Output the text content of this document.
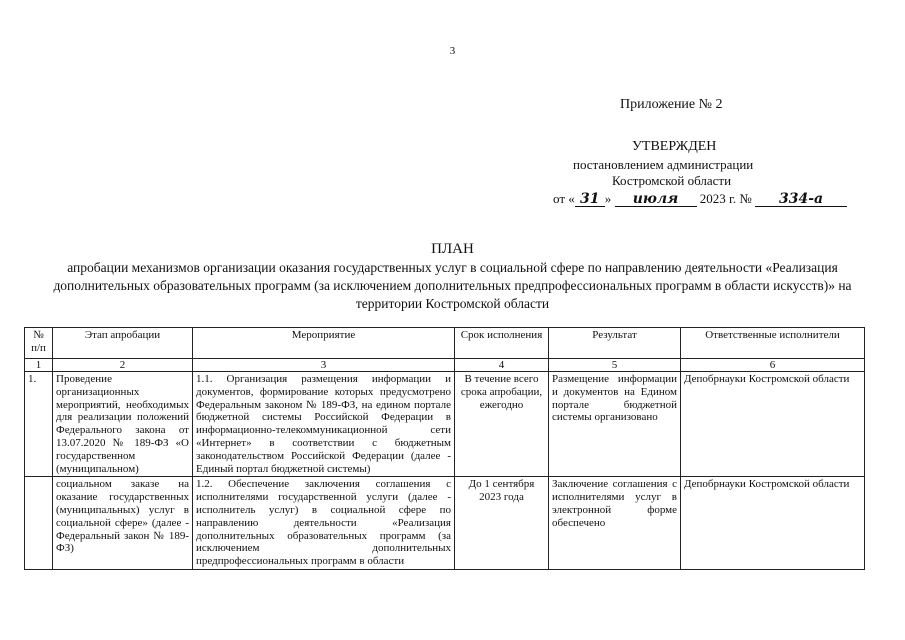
3
Приложение № 2
УТВЕРЖДЕН
постановлением администрации
Костромской области
от « 31 » июля 2023 г. № 334-а
ПЛАН
апробации механизмов организации оказания государственных услуг в социальной сфере по направлению деятельности «Реализация дополнительных образовательных программ (за исключением дополнительных предпрофессиональных программ в области искусств)» на территории Костромской области
№ п/п	Этап апробации	Мероприятие	Срок исполнения	Результат	Ответственные исполнители
1	2	3	4	5	6
1.	Проведение организационных мероприятий, необходимых для реализации положений Федерального закона от 13.07.2020 № 189-ФЗ «О государственном (муниципальном)	1.1. Организация размещения информации и документов, формирование которых предусмотрено Федеральным законом № 189-ФЗ, на едином портале бюджетной системы Российской Федерации в информационно-телекоммуникационной сети «Интернет» в соответствии с бюджетным законодательством Российской Федерации (далее - Единый портал бюджетной системы)	В течение всего срока апробации, ежегодно	Размещение информации и документов на Едином портале бюджетной системы организовано	Депобрнауки Костромской области
	социальном заказе на оказание государственных (муниципальных) услуг в социальной сфере» (далее - Федеральный закон № 189-ФЗ)	1.2. Обеспечение заключения соглашения с исполнителями государственной услуги (далее - исполнитель услуг) в социальной сфере по направлению деятельности «Реализация дополнительных образовательных программ (за исключением дополнительных предпрофессиональных программ в области	До 1 сентября 2023 года	Заключение соглашения с исполнителями услуг в электронной форме обеспечено	Депобрнауки Костромской области
